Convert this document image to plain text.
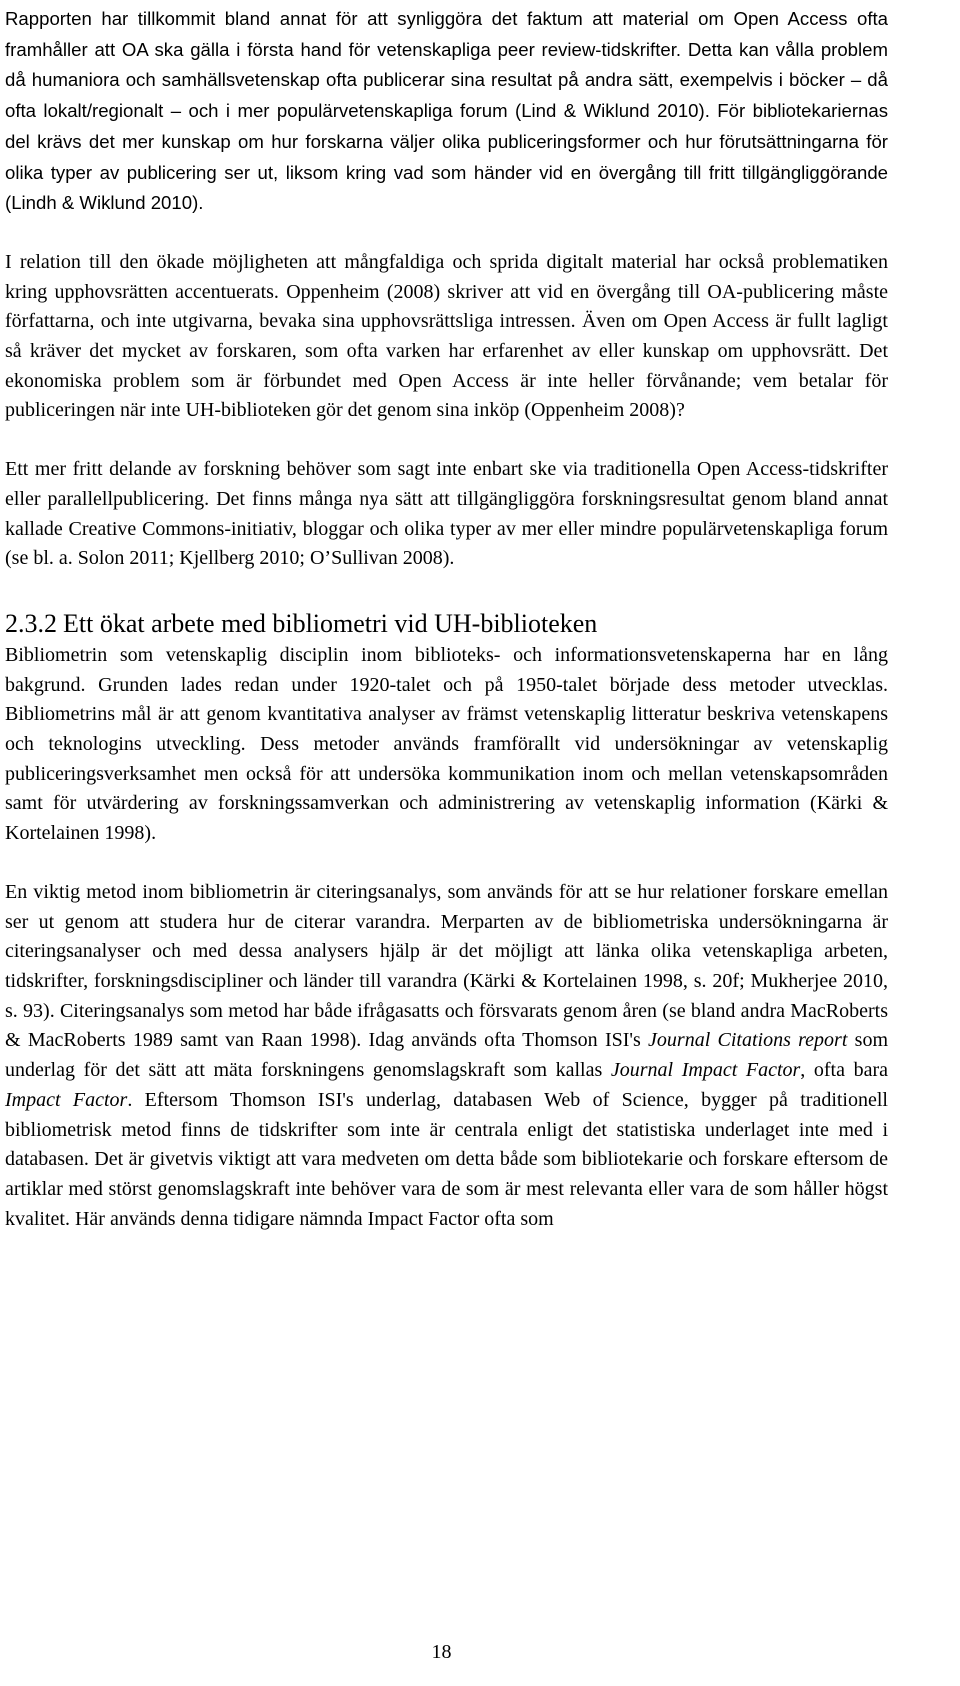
Rapporten har tillkommit bland annat för att synliggöra det faktum att material om Open Access ofta framhåller att OA ska gälla i första hand för vetenskapliga peer review-tidskrifter. Detta kan vålla problem då humaniora och samhällsvetenskap ofta publicerar sina resultat på andra sätt, exempelvis i böcker – då ofta lokalt/regionalt – och i mer populärvetenskapliga forum (Lind & Wiklund 2010). För bibliotekariernas del krävs det mer kunskap om hur forskarna väljer olika publiceringsformer och hur förutsättningarna för olika typer av publicering ser ut, liksom kring vad som händer vid en övergång till fritt tillgängliggörande (Lindh & Wiklund 2010).

I relation till den ökade möjligheten att mångfaldiga och sprida digitalt material har också problematiken kring upphovsrätten accentuerats. Oppenheim (2008) skriver att vid en övergång till OA-publicering måste författarna, och inte utgivarna, bevaka sina upphovsrättsliga intressen. Även om Open Access är fullt lagligt så kräver det mycket av forskaren, som ofta varken har erfarenhet av eller kunskap om upphovsrätt. Det ekonomiska problem som är förbundet med Open Access är inte heller förvånande; vem betalar för publiceringen när inte UH-biblioteken gör det genom sina inköp (Oppenheim 2008)?

Ett mer fritt delande av forskning behöver som sagt inte enbart ske via traditionella Open Access-tidskrifter eller parallellpublicering. Det finns många nya sätt att tillgängliggöra forskningsresultat genom bland annat kallade Creative Commons-initiativ, bloggar och olika typer av mer eller mindre populärvetenskapliga forum (se bl. a. Solon 2011; Kjellberg 2010; O’Sullivan 2008).

2.3.2 Ett ökat arbete med bibliometri vid UH-biblioteken

Bibliometrin som vetenskaplig disciplin inom biblioteks- och informationsvetenskaperna har en lång bakgrund. Grunden lades redan under 1920-talet och på 1950-talet började dess metoder utvecklas. Bibliometrins mål är att genom kvantitativa analyser av främst vetenskaplig litteratur beskriva vetenskapens och teknologins utveckling. Dess metoder används framförallt vid undersökningar av vetenskaplig publiceringsverksamhet men också för att undersöka kommunikation inom och mellan vetenskapsområden samt för utvärdering av forskningssamverkan och administrering av vetenskaplig information (Kärki & Kortelainen 1998).

En viktig metod inom bibliometrin är citeringsanalys, som används för att se hur relationer forskare emellan ser ut genom att studera hur de citerar varandra. Merparten av de bibliometriska undersökningarna är citeringsanalyser och med dessa analysers hjälp är det möjligt att länka olika vetenskapliga arbeten, tidskrifter, forskningsdiscipliner och länder till varandra (Kärki & Kortelainen 1998, s. 20f; Mukherjee 2010, s. 93). Citeringsanalys som metod har både ifrågasatts och försvarats genom åren (se bland andra MacRoberts & MacRoberts 1989 samt van Raan 1998). Idag används ofta Thomson ISI's Journal Citations report som underlag för det sätt att mäta forskningens genomslagskraft som kallas Journal Impact Factor, ofta bara Impact Factor. Eftersom Thomson ISI's underlag, databasen Web of Science, bygger på traditionell bibliometrisk metod finns de tidskrifter som inte är centrala enligt det statistiska underlaget inte med i databasen. Det är givetvis viktigt att vara medveten om detta både som bibliotekarie och forskare eftersom de artiklar med störst genomslagskraft inte behöver vara de som är mest relevanta eller vara de som håller högst kvalitet. Här används denna tidigare nämnda Impact Factor ofta som

18
